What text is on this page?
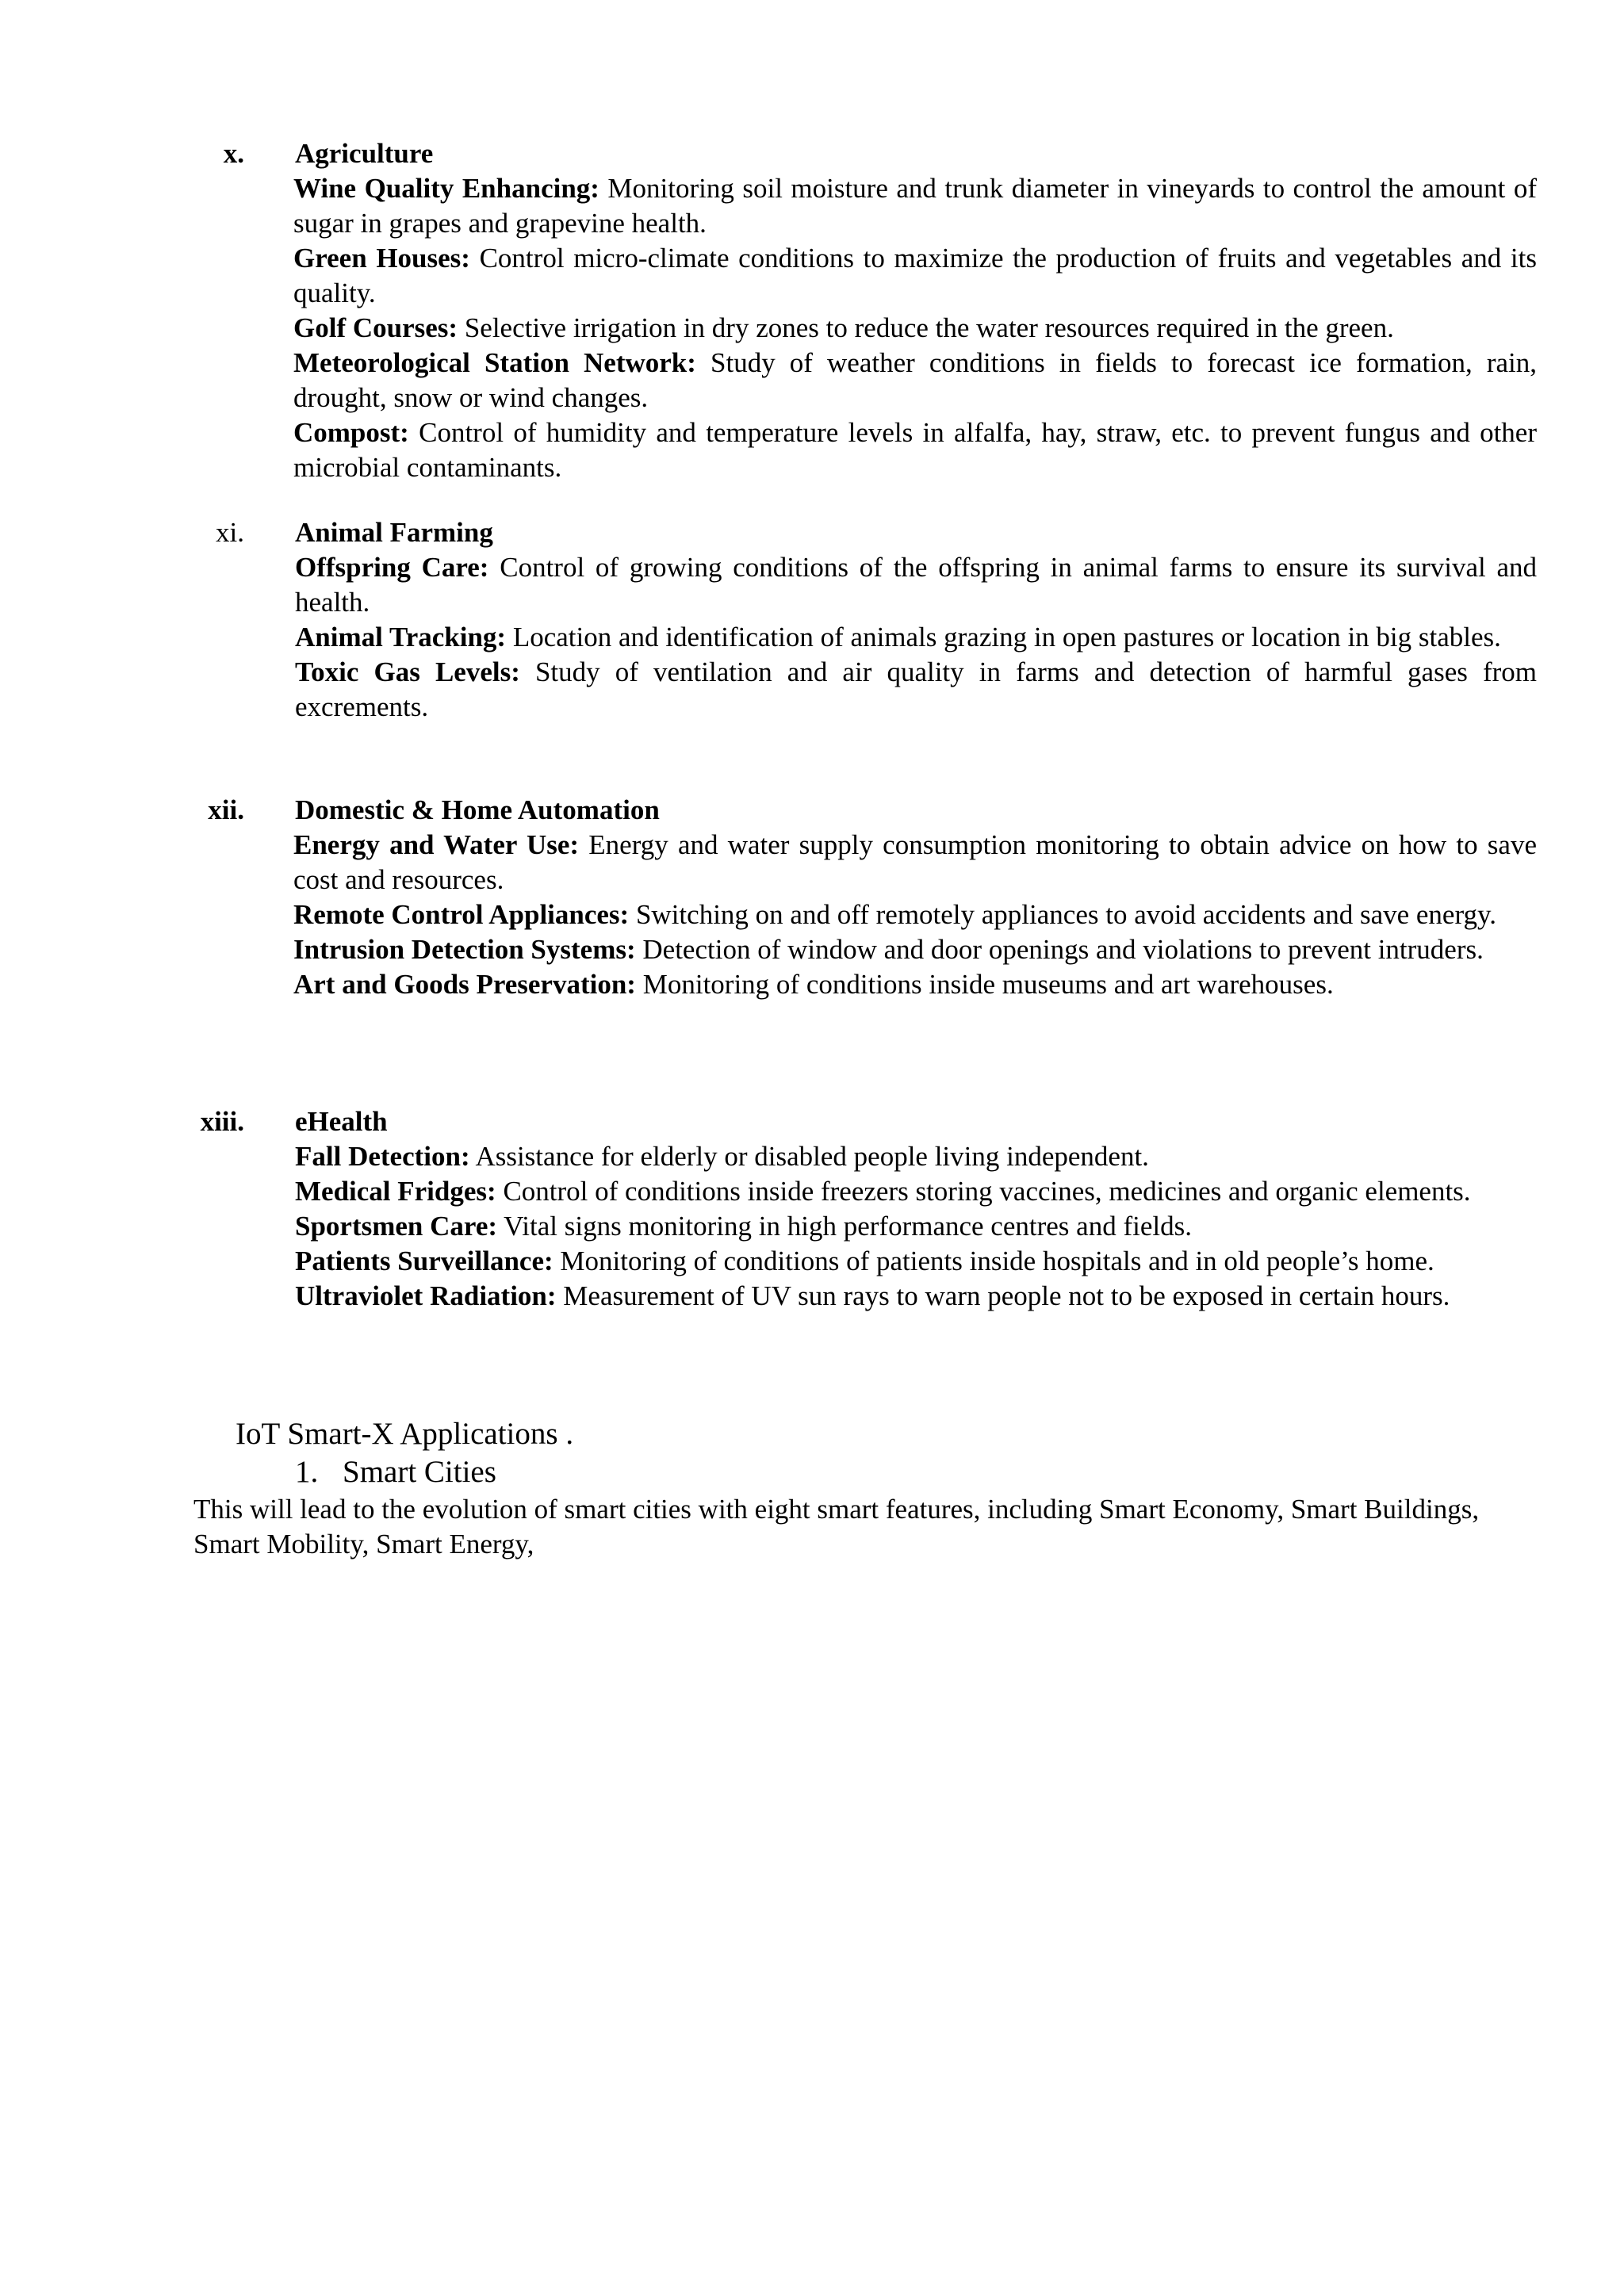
x. Agriculture

Wine Quality Enhancing: Monitoring soil moisture and trunk diameter in vineyards to control the amount of sugar in grapes and grapevine health.

Green Houses: Control micro-climate conditions to maximize the production of fruits and vegetables and its quality.

Golf Courses: Selective irrigation in dry zones to reduce the water resources required in the green.

Meteorological Station Network: Study of weather conditions in fields to forecast ice formation, rain, drought, snow or wind changes.

Compost: Control of humidity and temperature levels in alfalfa, hay, straw, etc. to prevent fungus and other microbial contaminants.

xi. Animal Farming

Offspring Care: Control of growing conditions of the offspring in animal farms to ensure its survival and health.

Animal Tracking: Location and identification of animals grazing in open pastures or location in big stables.

Toxic Gas Levels: Study of ventilation and air quality in farms and detection of harmful gases from excrements.

xii. Domestic & Home Automation

Energy and Water Use: Energy and water supply consumption monitoring to obtain advice on how to save cost and resources.

Remote Control Appliances: Switching on and off remotely appliances to avoid accidents and save energy.

Intrusion Detection Systems: Detection of window and door openings and violations to prevent intruders.

Art and Goods Preservation: Monitoring of conditions inside museums and art warehouses.

xiii. eHealth

Fall Detection: Assistance for elderly or disabled people living independent.

Medical Fridges: Control of conditions inside freezers storing vaccines, medicines and organic elements.

Sportsmen Care: Vital signs monitoring in high performance centres and fields.

Patients Surveillance: Monitoring of conditions of patients inside hospitals and in old people’s home.

Ultraviolet Radiation: Measurement of UV sun rays to warn people not to be exposed in certain hours.

IoT Smart-X Applications .
1. Smart Cities
This will lead to the evolution of smart cities with eight smart features, including Smart Economy, Smart Buildings, Smart Mobility, Smart Energy,
